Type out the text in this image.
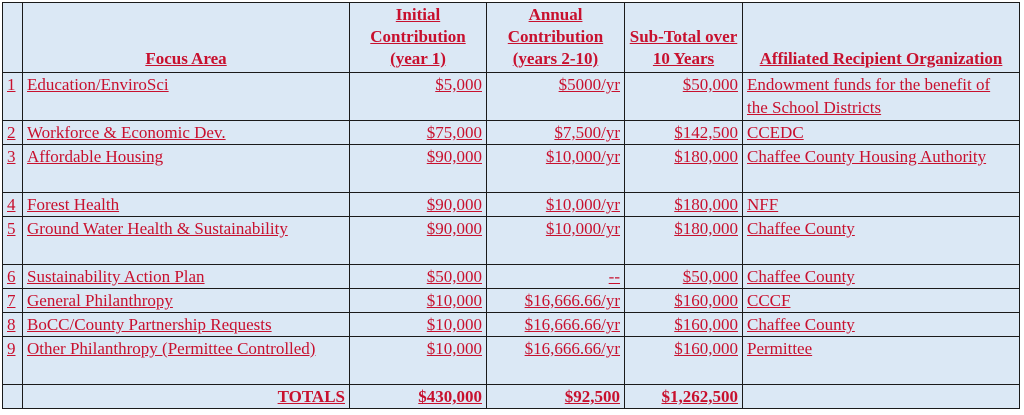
	Focus Area	Initial Contribution (year 1)	Annual Contribution (years 2-10)	Sub-Total over 10 Years	Affiliated Recipient Organization
1	Education/EnviroSci	$5,000	$5000/yr	$50,000	Endowment funds for the benefit of the School Districts
2	Workforce & Economic Dev.	$75,000	$7,500/yr	$142,500	CCEDC
3	Affordable Housing	$90,000	$10,000/yr	$180,000	Chaffee County Housing Authority
4	Forest Health	$90,000	$10,000/yr	$180,000	NFF
5	Ground Water Health & Sustainability	$90,000	$10,000/yr	$180,000	Chaffee County
6	Sustainability Action Plan	$50,000	--	$50,000	Chaffee County
7	General Philanthropy	$10,000	$16,666.66/yr	$160,000	CCCF
8	BoCC/County Partnership Requests	$10,000	$16,666.66/yr	$160,000	Chaffee County
9	Other Philanthropy (Permittee Controlled)	$10,000	$16,666.66/yr	$160,000	Permittee
	TOTALS	$430,000	$92,500	$1,262,500	
